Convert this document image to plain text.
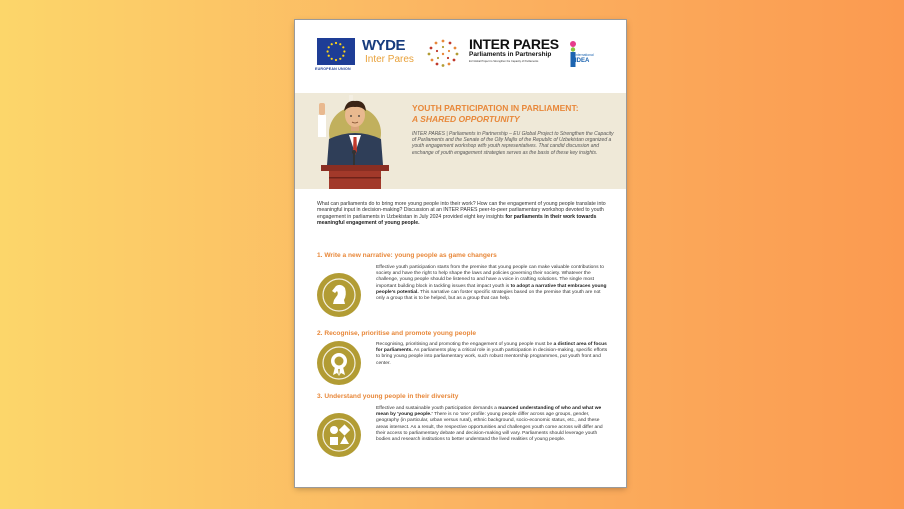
EUROPEAN UNION
WYDE
Inter Pares
INTER PARES
Parliaments in Partnership
EU Global Project to Strengthen the Capacity of Parliaments
International
IDEA
YOUTH PARTICIPATION IN PARLIAMENT:
A SHARED OPPORTUNITY
INTER PARES | Parliaments in Partnership – EU Global Project to Strengthen the Capacity of Parliaments and the Senate of the Oliy Majlis of the Republic of Uzbekistan organized a youth engagement workshop with youth representatives. That candid discussion and exchange of youth engagement strategies serves as the basis of these key insights.
What can parliaments do to bring more young people into their work? How can the engagement of young people translate into meaningful input in decision-making? Discussion at an INTER PARES peer-to-peer parliamentary workshop devoted to youth engagement in parliaments in Uzbekistan in July 2024 provided eight key insights for parliaments in their work towards meaningful engagement of young people.
1. Write a new narrative: young people as game changers
Effective youth participation starts from the premise that young people can make valuable contributions to society and have the right to help shape the laws and policies governing their society. Whatever the challenge, young people should be listened to and have a voice in crafting solutions. The single most important building block in tackling issues that impact youth is to adopt a narrative that embraces young people's potential. This narrative can foster specific strategies based on the premise that youth are not only a group that is to be helped, but as a group that can help.
2. Recognise, prioritise and promote young people
Recognising, prioritising and promoting the engagement of young people must be a distinct area of focus for parliaments. As parliaments play a critical role in youth participation in decision-making, specific efforts to bring young people into parliamentary work, such robust mentorship programmes, put youth front and center.
3. Understand young people in their diversity
Effective and sustainable youth participation demands a nuanced understanding of who and what we mean by 'young people.' There is no 'one' profile: young people differ across age groups, gender, geography (in particular, urban versus rural), ethnic background, socio-economic status, etc., and these areas intersect. As a result, the respective opportunities and challenges youth come across will differ and their access to parliamentary debate and decision-making will vary. Parliaments should leverage youth bodies and research institutions to better understand the lived realities of young people.
